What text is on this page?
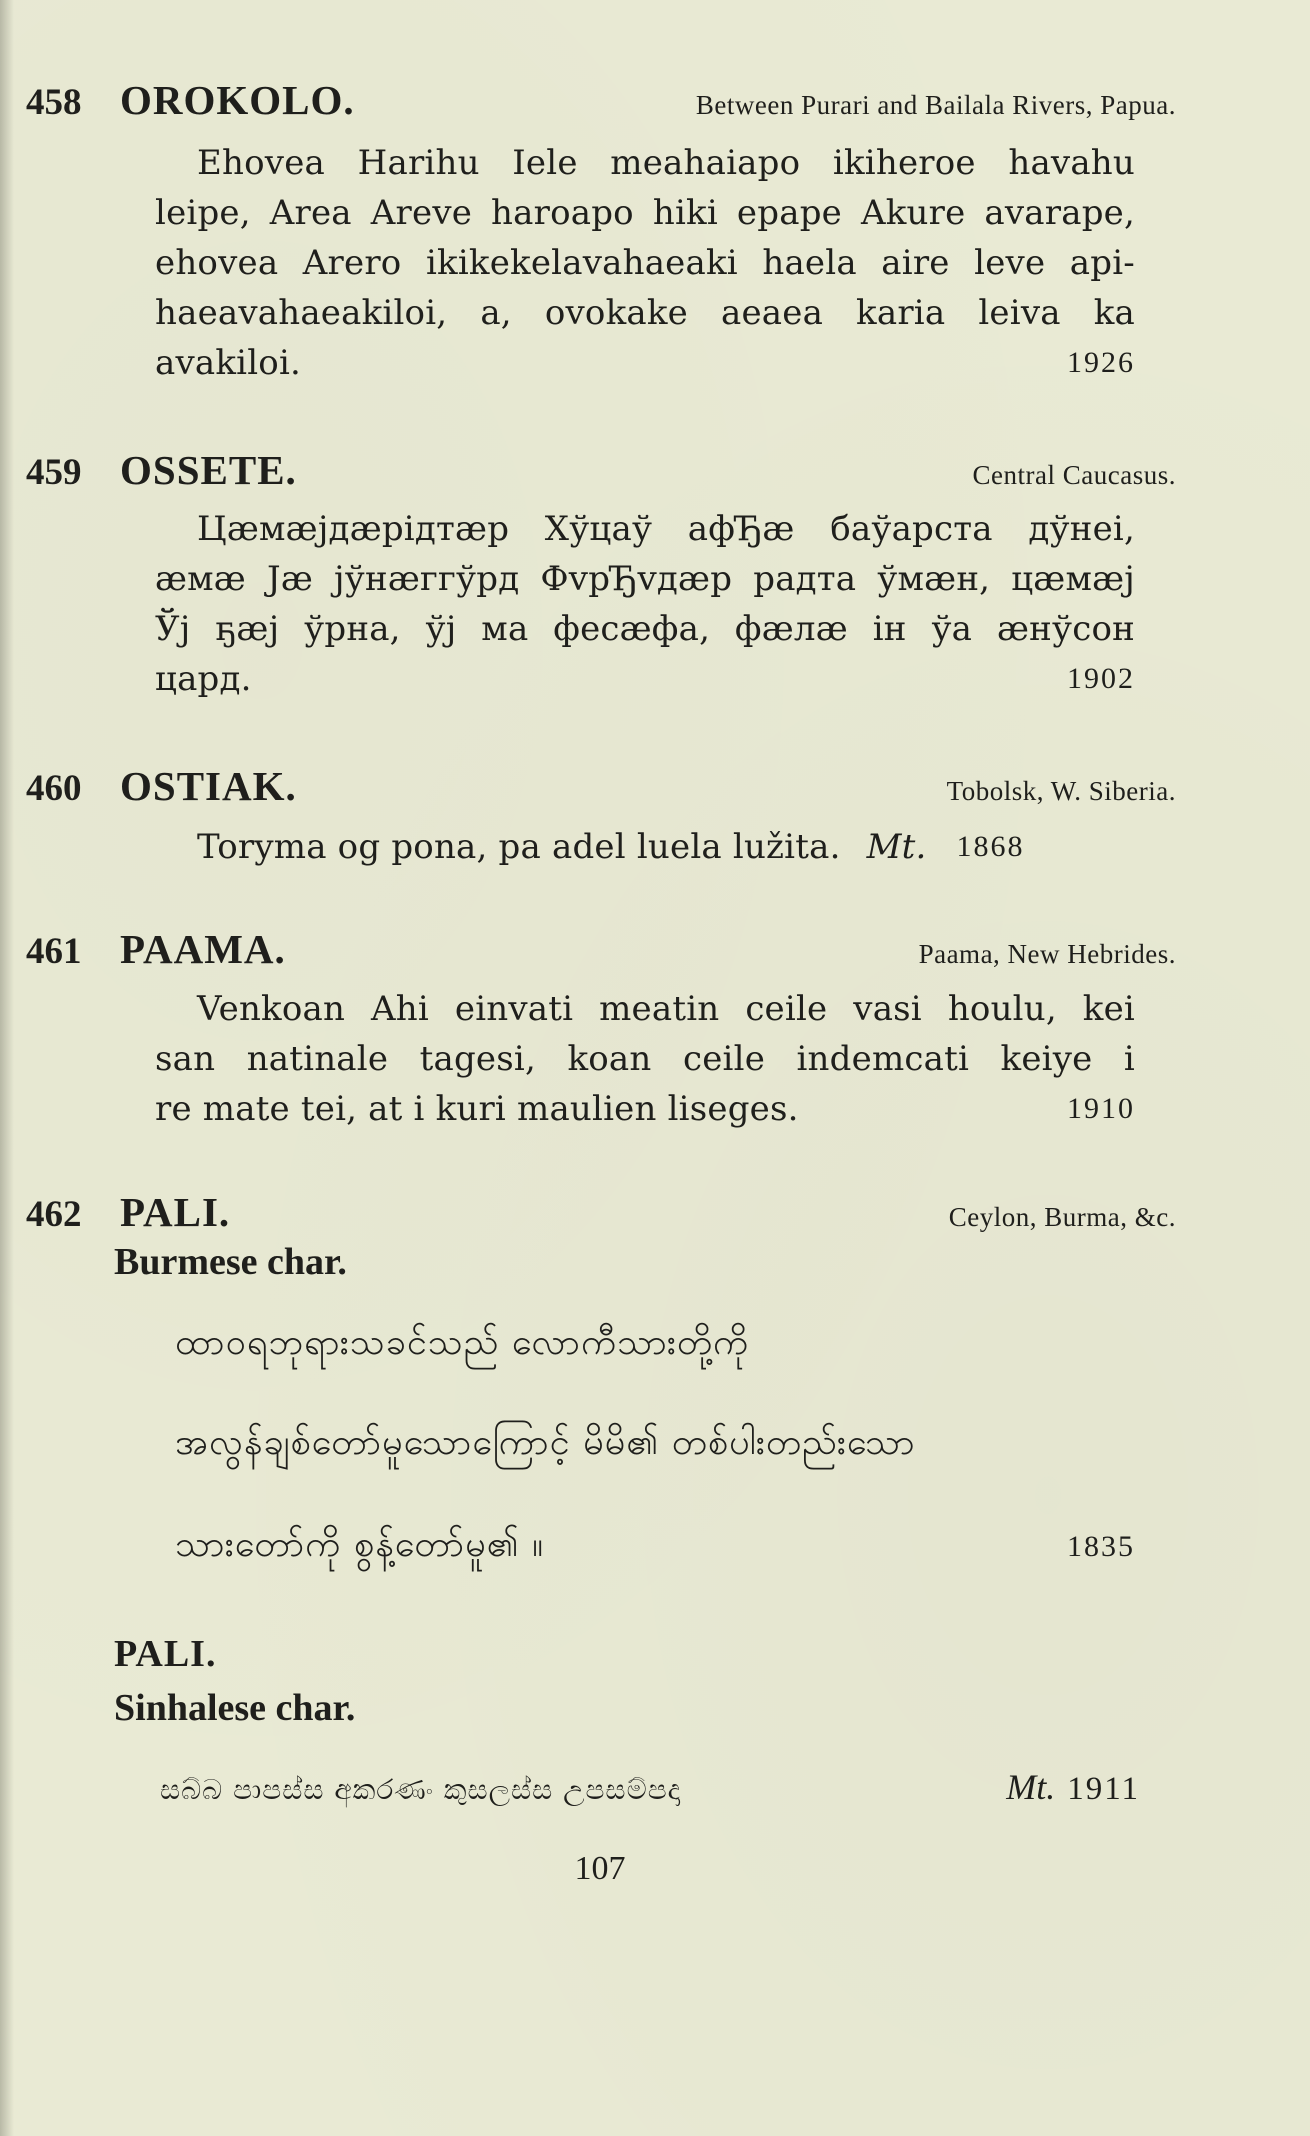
458 OROKOLO.	Between Purari and Bailala Rivers, Papua.
Ehovea Harihu Iele meahaiapo ikiheroe havahu
leipe, Area Areve haroapo hiki epape Akure avarape,
ehovea Arero ikikekelavahaeaki haela aire leve api-
haeavahaeakiloi, a, ovokake aeaea karia leiva ka
avakiloi.	1926
459 OSSETE.	Central Caucasus.
Цæмæјдæрідтæр Хўцаў афЂæ баўарста дўнеі,
æмæ Јæ јўнæггўрд ФvрЂvдæр радта ўмæн, цæмæј
Ўј ҕæј ўрна, ўј ма фесæфа, фæлæ ін ўа æнўсон
цард.	1902
460 OSTIAK.	Tobolsk, W. Siberia.
Toryma og pona, pa adel luela lužita. Mt. 1868
461 PAAMA.	Paama, New Hebrides.
Venkoan Ahi einvati meatin ceile vasi houlu, kei
san natinale tagesi, koan ceile indemcati keiye i
re mate tei, at i kuri maulien liseges.	1910
462 PALI.	Ceylon, Burma, &c.
Burmese char.
ထာဝရဘုရားသခင်သည် လောကီသားတို့ကို
အလွန်ချစ်တော်မူသောကြောင့် မိမိ၏ တစ်ပါးတည်းသော
သားတော်ကို စွန့်တော်မူ၏ ။	1835
PALI.
Sinhalese char.
සබ්බ පාපස්ස අකරණං කුසලස්ස උපසම්පදා	Mt. 1911
107
